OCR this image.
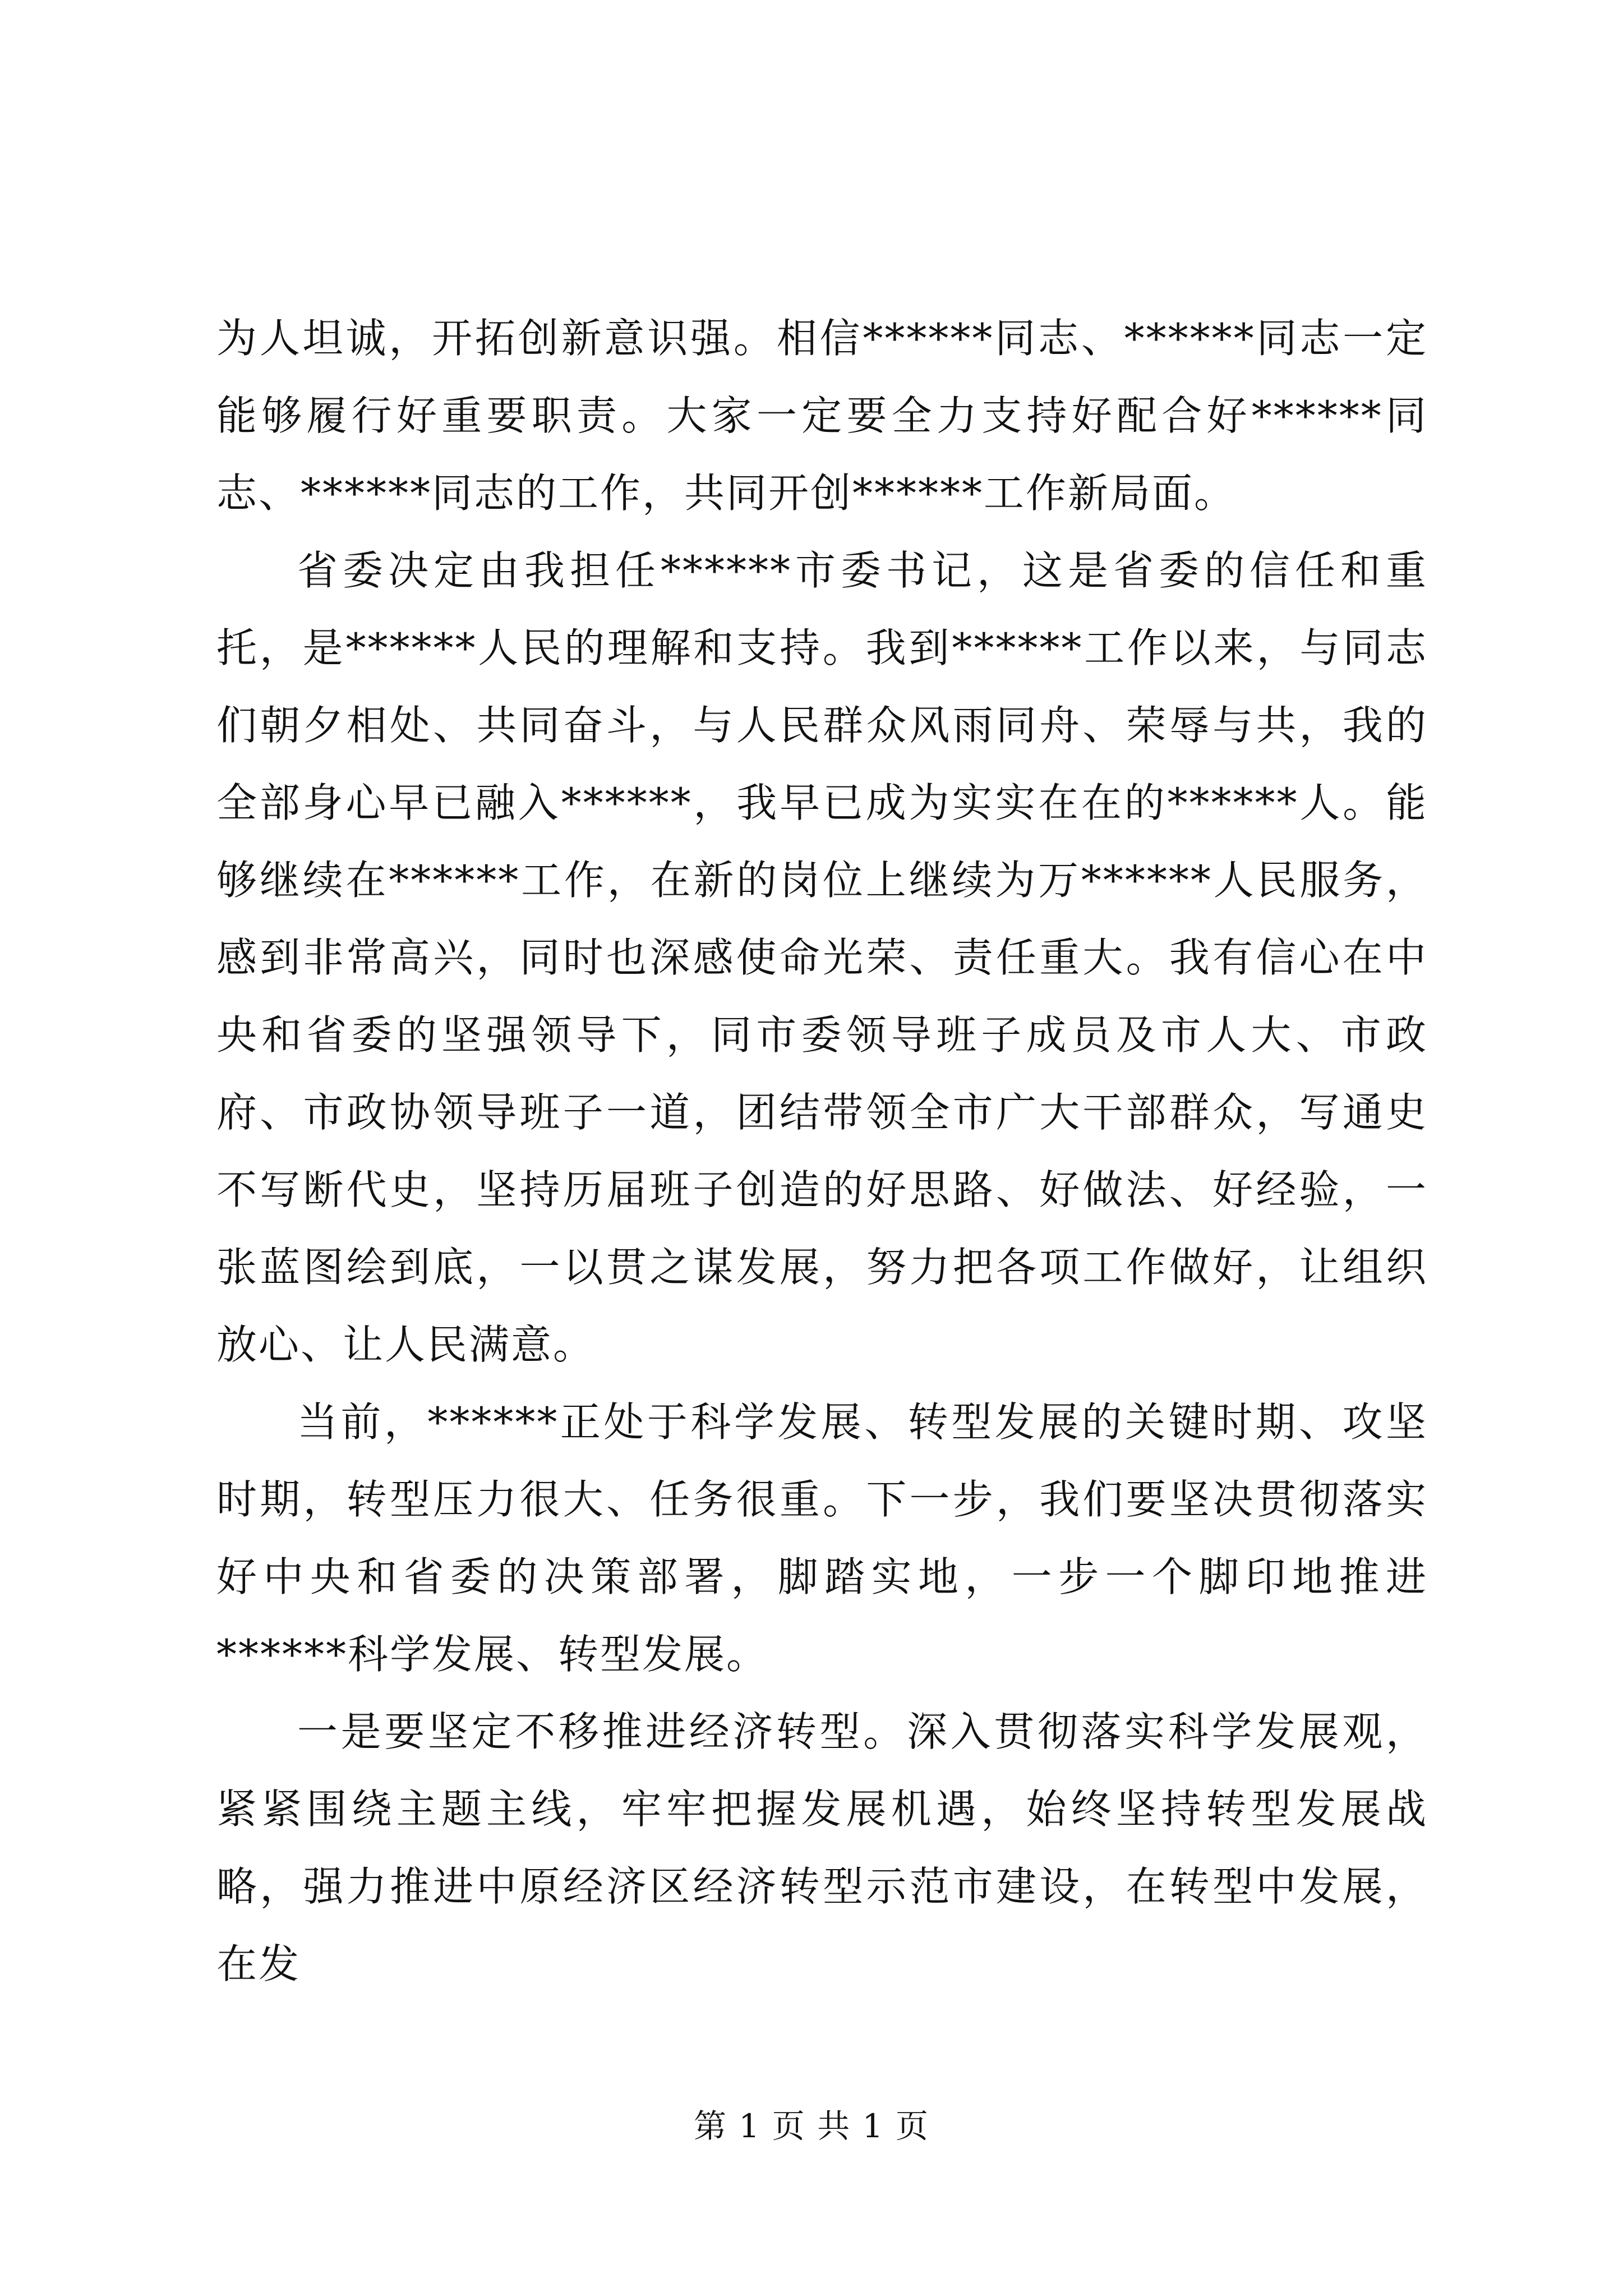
为人坦诚，开拓创新意识强。相信******同志、******同志一定能够履行好重要职责。大家一定要全力支持好配合好******同志、******同志的工作，共同开创******工作新局面。

省委决定由我担任******市委书记，这是省委的信任和重托，是******人民的理解和支持。我到******工作以来，与同志们朝夕相处、共同奋斗，与人民群众风雨同舟、荣辱与共，我的全部身心早已融入******，我早已成为实实在在的******人。能够继续在******工作，在新的岗位上继续为万******人民服务，感到非常高兴，同时也深感使命光荣、责任重大。我有信心在中央和省委的坚强领导下，同市委领导班子成员及市人大、市政府、市政协领导班子一道，团结带领全市广大干部群众，写通史不写断代史，坚持历届班子创造的好思路、好做法、好经验，一张蓝图绘到底，一以贯之谋发展，努力把各项工作做好，让组织放心、让人民满意。

当前，******正处于科学发展、转型发展的关键时期、攻坚时期，转型压力很大、任务很重。下一步，我们要坚决贯彻落实好中央和省委的决策部署，脚踏实地，一步一个脚印地推进******科学发展、转型发展。

一是要坚定不移推进经济转型。深入贯彻落实科学发展观，紧紧围绕主题主线，牢牢把握发展机遇，始终坚持转型发展战略，强力推进中原经济区经济转型示范市建设，在转型中发展，在发

第 1 页 共 1 页
